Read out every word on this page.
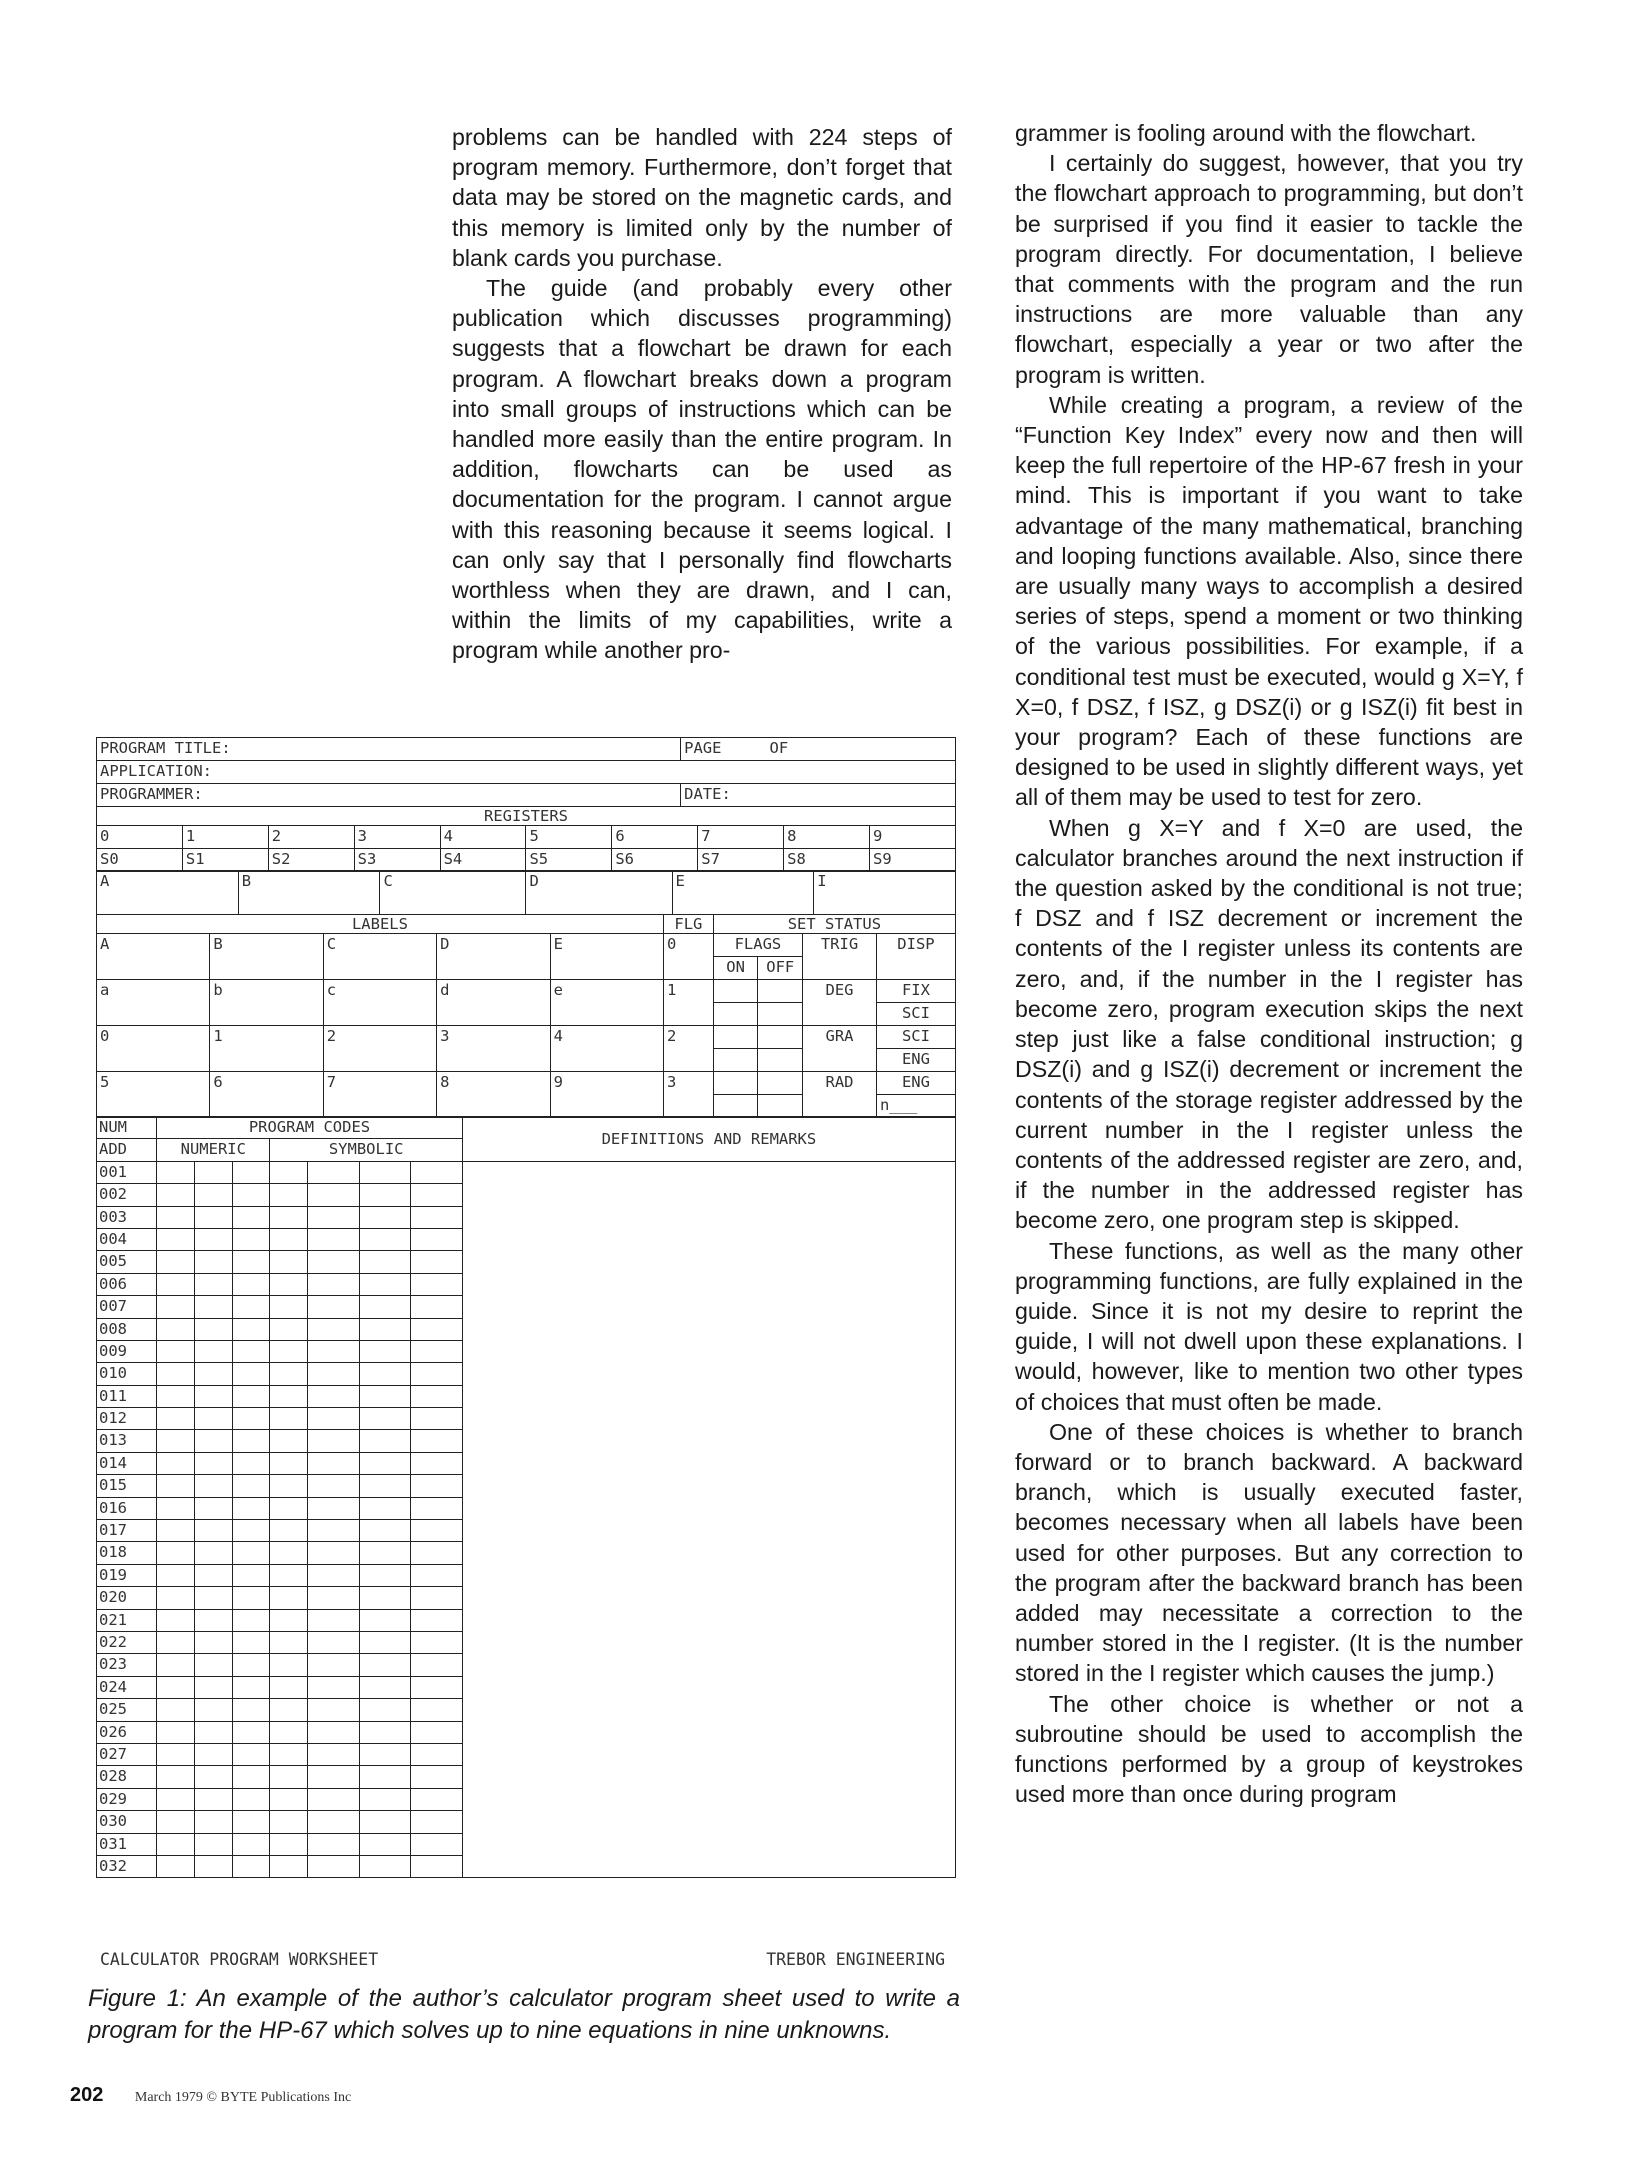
problems can be handled with 224 steps of program memory. Furthermore, don’t forget that data may be stored on the magnetic cards, and this memory is limited only by the number of blank cards you purchase.

The guide (and probably every other publication which discusses programming) suggests that a flowchart be drawn for each program. A flowchart breaks down a program into small groups of instructions which can be handled more easily than the entire program. In addition, flowcharts can be used as documentation for the program. I cannot argue with this reasoning because it seems logical. I can only say that I personally find flowcharts worthless when they are drawn, and I can, within the limits of my capabilities, write a program while another pro-

grammer is fooling around with the flowchart.

I certainly do suggest, however, that you try the flowchart approach to programming, but don’t be surprised if you find it easier to tackle the program directly. For documentation, I believe that comments with the program and the run instructions are more valuable than any flowchart, especially a year or two after the program is written.

While creating a program, a review of the “Function Key Index” every now and then will keep the full repertoire of the HP-67 fresh in your mind. This is important if you want to take advantage of the many mathematical, branching and looping functions available. Also, since there are usually many ways to accomplish a desired series of steps, spend a moment or two thinking of the various possibilities. For example, if a conditional test must be executed, would g X=Y, f X=0, f DSZ, f ISZ, g DSZ(i) or g ISZ(i) fit best in your program? Each of these functions are designed to be used in slightly different ways, yet all of them may be used to test for zero.

When g X=Y and f X=0 are used, the calculator branches around the next instruction if the question asked by the conditional is not true; f DSZ and f ISZ decrement or increment the contents of the I register unless its contents are zero, and, if the number in the I register has become zero, program execution skips the next step just like a false conditional instruction; g DSZ(i) and g ISZ(i) decrement or increment the contents of the storage register addressed by the current number in the I register unless the contents of the addressed register are zero, and, if the number in the addressed register has become zero, one program step is skipped.

These functions, as well as the many other programming functions, are fully explained in the guide. Since it is not my desire to reprint the guide, I will not dwell upon these explanations. I would, however, like to mention two other types of choices that must often be made.

One of these choices is whether to branch forward or to branch backward. A backward branch, which is usually executed faster, becomes necessary when all labels have been used for other purposes. But any correction to the program after the backward branch has been added may necessitate a correction to the number stored in the I register. (It is the number stored in the I register which causes the jump.)

The other choice is whether or not a subroutine should be used to accomplish the functions performed by a group of keystrokes used more than once during program

PROGRAM TITLE:	PAGE	OF
APPLICATION:		
PROGRAMMER:	DATE:	
REGISTERS									
0	1	2	3	4	5	6	7	8	9
S0	S1	S2	S3	S4	S5	S6	S7	S8	S9
A	B	C	D	E	I
LABELS					FLG	SET STATUS			
A	B	C	D	E	0	FLAGS		TRIG	DISP
						ON	OFF		
a	b	c	d	e	1			DEG	FIX
									SCI
0	1	2	3	4	2			GRA	SCI
									ENG
5	6	7	8	9	3			RAD	ENG
									n___
NUM	PROGRAM CODES							DEFINITIONS AND REMARKS
ADD	NUMERIC			SYMBOLIC				
001								
002								
003								
004								
005								
006								
007								
008								
009								
010								
011								
012								
013								
014								
015								
016								
017								
018								
019								
020								
021								
022								
023								
024								
025								
026								
027								
028								
029								
030								
031								
032								
CALCULATOR PROGRAM WORKSHEET	TREBOR ENGINEERING
Figure 1: An example of the author’s calculator program sheet used to write a program for the HP-67 which solves up to nine equations in nine unknowns.
202 March 1979 © BYTE Publications Inc
